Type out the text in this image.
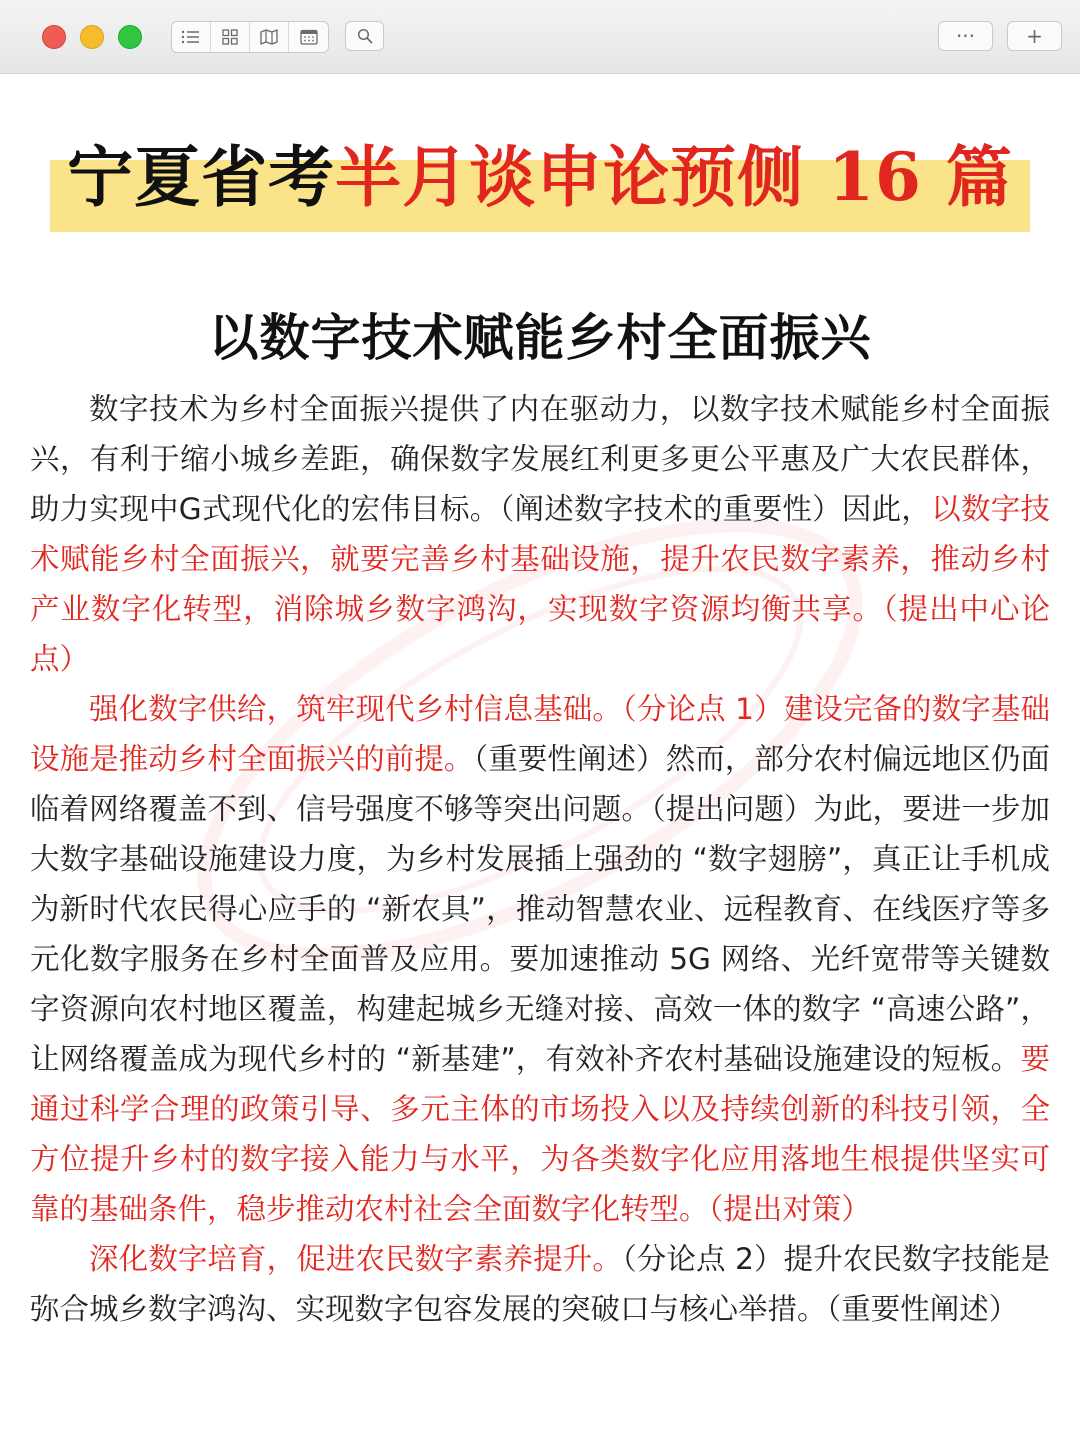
···	+
宁夏省考半月谈申论预侧 16 篇
以数字技术赋能乡村全面振兴

数字技术为乡村全面振兴提供了内在驱动力，以数字技术赋能乡村全面振兴，有利于缩小城乡差距，确保数字发展红利更多更公平惠及广大农民群体，助力实现中G式现代化的宏伟目标。（阐述数字技术的重要性）因此，以数字技术赋能乡村全面振兴，就要完善乡村基础设施，提升农民数字素养，推动乡村产业数字化转型，消除城乡数字鸿沟，实现数字资源均衡共享。（提出中心论点）

强化数字供给，筑牢现代乡村信息基础。（分论点 1）建设完备的数字基础设施是推动乡村全面振兴的前提。（重要性阐述）然而，部分农村偏远地区仍面临着网络覆盖不到、信号强度不够等突出问题。（提出问题）为此，要进一步加大数字基础设施建设力度，为乡村发展插上强劲的 “数字翅膀”，真正让手机成为新时代农民得心应手的 “新农具”，推动智慧农业、远程教育、在线医疗等多元化数字服务在乡村全面普及应用。要加速推动 5G 网络、光纤宽带等关键数字资源向农村地区覆盖，构建起城乡无缝对接、高效一体的数字 “高速公路”，让网络覆盖成为现代乡村的 “新基建”，有效补齐农村基础设施建设的短板。要通过科学合理的政策引导、多元主体的市场投入以及持续创新的科技引领，全方位提升乡村的数字接入能力与水平，为各类数字化应用落地生根提供坚实可靠的基础条件，稳步推动农村社会全面数字化转型。（提出对策）

深化数字培育，促进农民数字素养提升。（分论点 2）提升农民数字技能是弥合城乡数字鸿沟、实现数字包容发展的突破口与核心举措。（重要性阐述）
